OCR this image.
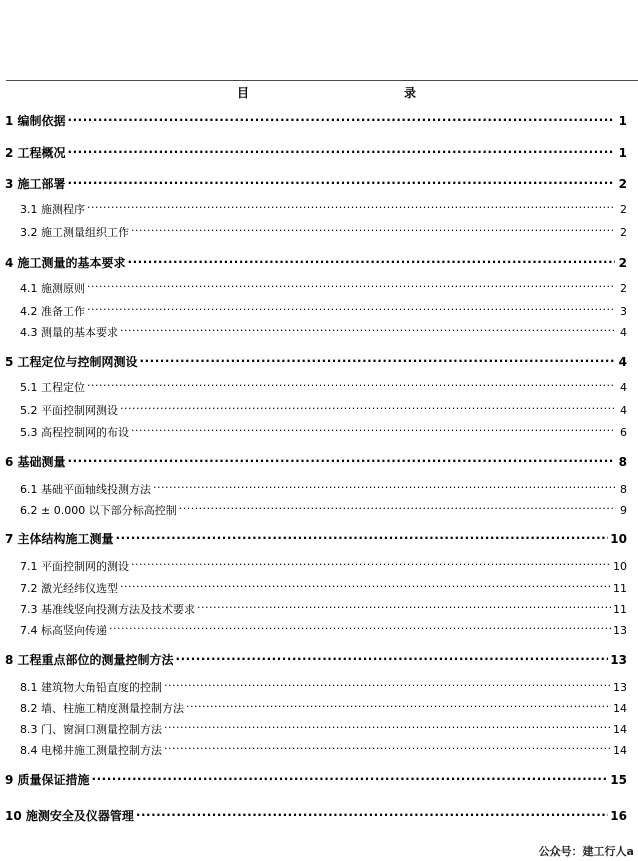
目	录
1 编制依据 .....	1
2 工程概况 .....	1
3 施工部署 .....	2
3.1 施测程序 .....	2
3.2 施工测量组织工作 .....	2
4 施工测量的基本要求 .....	2
4.1 施测原则 .....	2
4.2 准备工作 .....	3
4.3 测量的基本要求 .....	4
5 工程定位与控制网测设 .....	4
5.1 工程定位 .....	4
5.2 平面控制网测设 .....	4
5.3 高程控制网的布设 .....	6
6 基础测量 .....	8
6.1 基础平面轴线投测方法 .....	8
6.2 ± 0.000 以下部分标高控制 .....	9
7 主体结构施工测量 .....	10
7.1 平面控制网的测设 .....	10
7.2 激光经纬仪选型 .....	11
7.3 基准线竖向投测方法及技术要求 .....	11
7.4 标高竖向传递 .....	13
8 工程重点部位的测量控制方法 .....	13
8.1 建筑物大角铅直度的控制 .....	13
8.2 墙、柱施工精度测量控制方法 .....	14
8.3 门、窗洞口测量控制方法 .....	14
8.4 电梯井施工测量控制方法 .....	14
9 质量保证措施 .....	15
10 施测安全及仪器管理 .....	16
公众号：建工行人a
